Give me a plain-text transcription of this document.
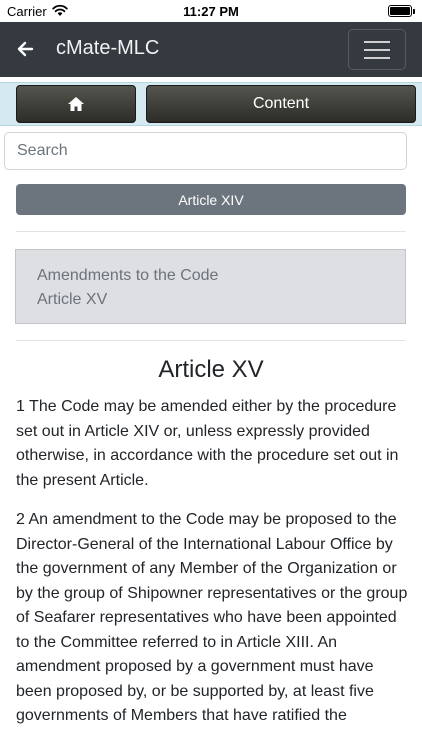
Carrier	11:27 PM
cMate-MLC
Content
Search
Article XIV
Amendments to the Code
Article XV
Article XV

1 The Code may be amended either by the procedure set out in Article XIV or, unless expressly provided otherwise, in accordance with the procedure set out in the present Article.

2 An amendment to the Code may be proposed to the Director-General of the International Labour Office by the government of any Member of the Organization or by the group of Shipowner representatives or the group of Seafarer representatives who have been appointed to the Committee referred to in Article XIII. An amendment proposed by a government must have been proposed by, or be supported by, at least five governments of Members that have ratified the
